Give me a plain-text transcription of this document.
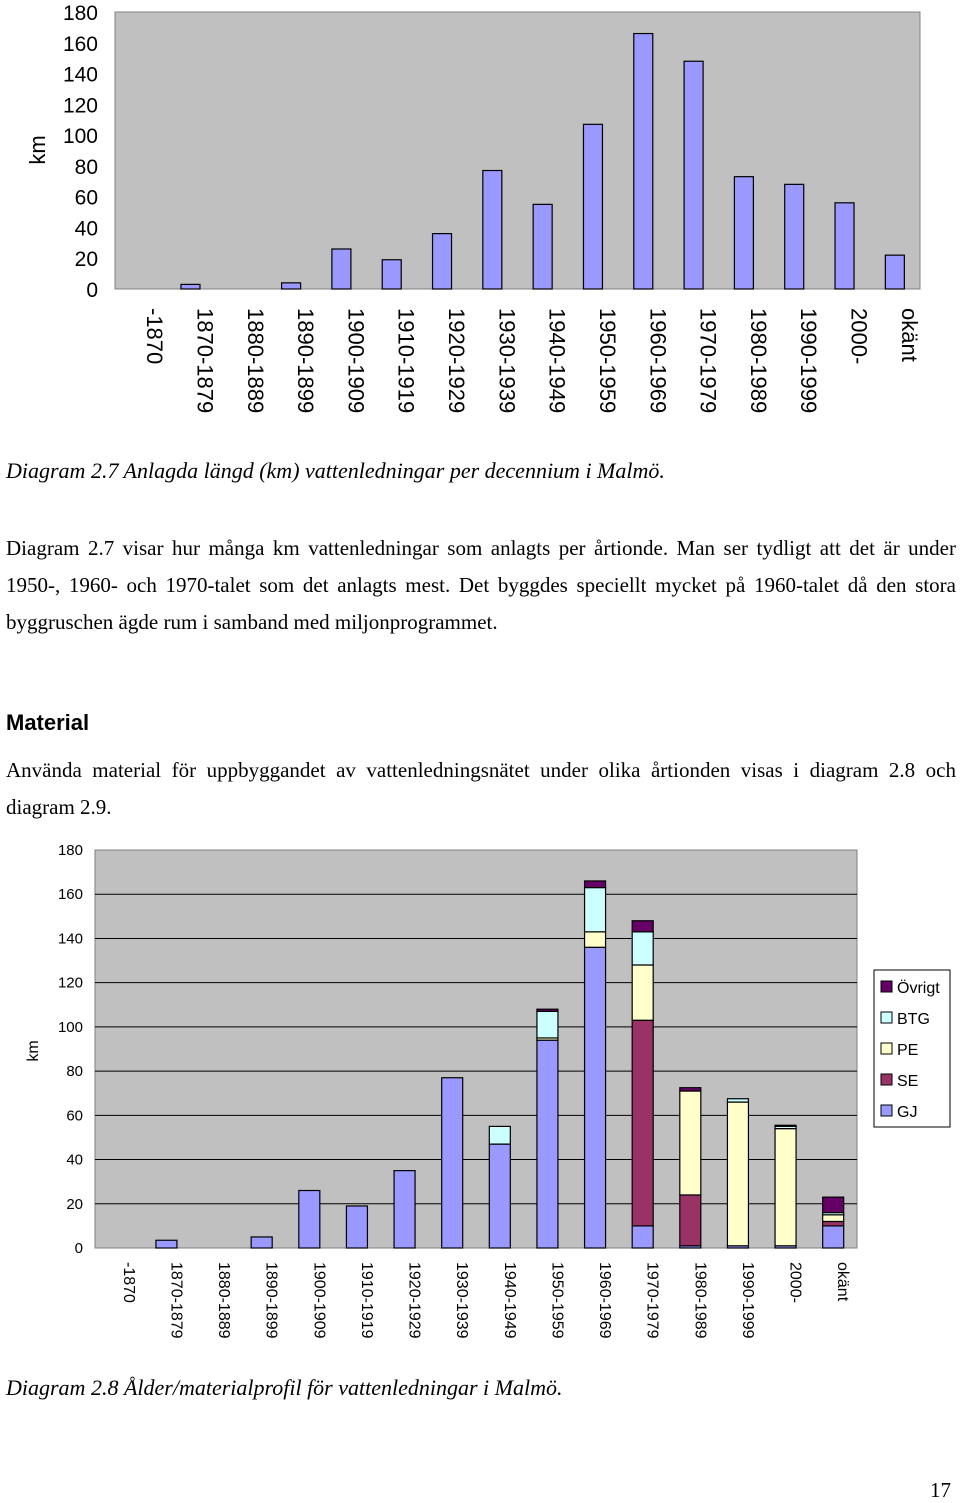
180
160
140
120
100
80
60
40
20
0
-1870 1870-1879 1880-1889 1890-1899 1900-1909 1910-1919 1920-1929 1930-1939 1940-1949 1950-1959 1960-1969 1970-1979 1980-1989 1990-1999 2000- okänt
km
Diagram 2.7 Anlagda längd (km) vattenledningar per decennium i Malmö.
Diagram 2.7 visar hur många km vattenledningar som anlagts per årtionde. Man ser tydligt att det är under 1950-, 1960- och 1970-talet som det anlagts mest. Det byggdes speciellt mycket på 1960-talet då den stora byggruschen ägde rum i samband med miljonprogrammet.
Material
Använda material för uppbyggandet av vattenledningsnätet under olika årtionden visas i diagram 2.8 och diagram 2.9.
180
160
140
120
100
80
60
40
20
0
-1870 1870-1879 1880-1889 1890-1899 1900-1909 1910-1919 1920-1929 1930-1939 1940-1949 1950-1959 1960-1969 1970-1979 1980-1989 1990-1999 2000- okänt
Övrigt
BTG
PE
SE
GJ
km
Diagram 2.8 Ålder/materialprofil för vattenledningar i Malmö.
17
